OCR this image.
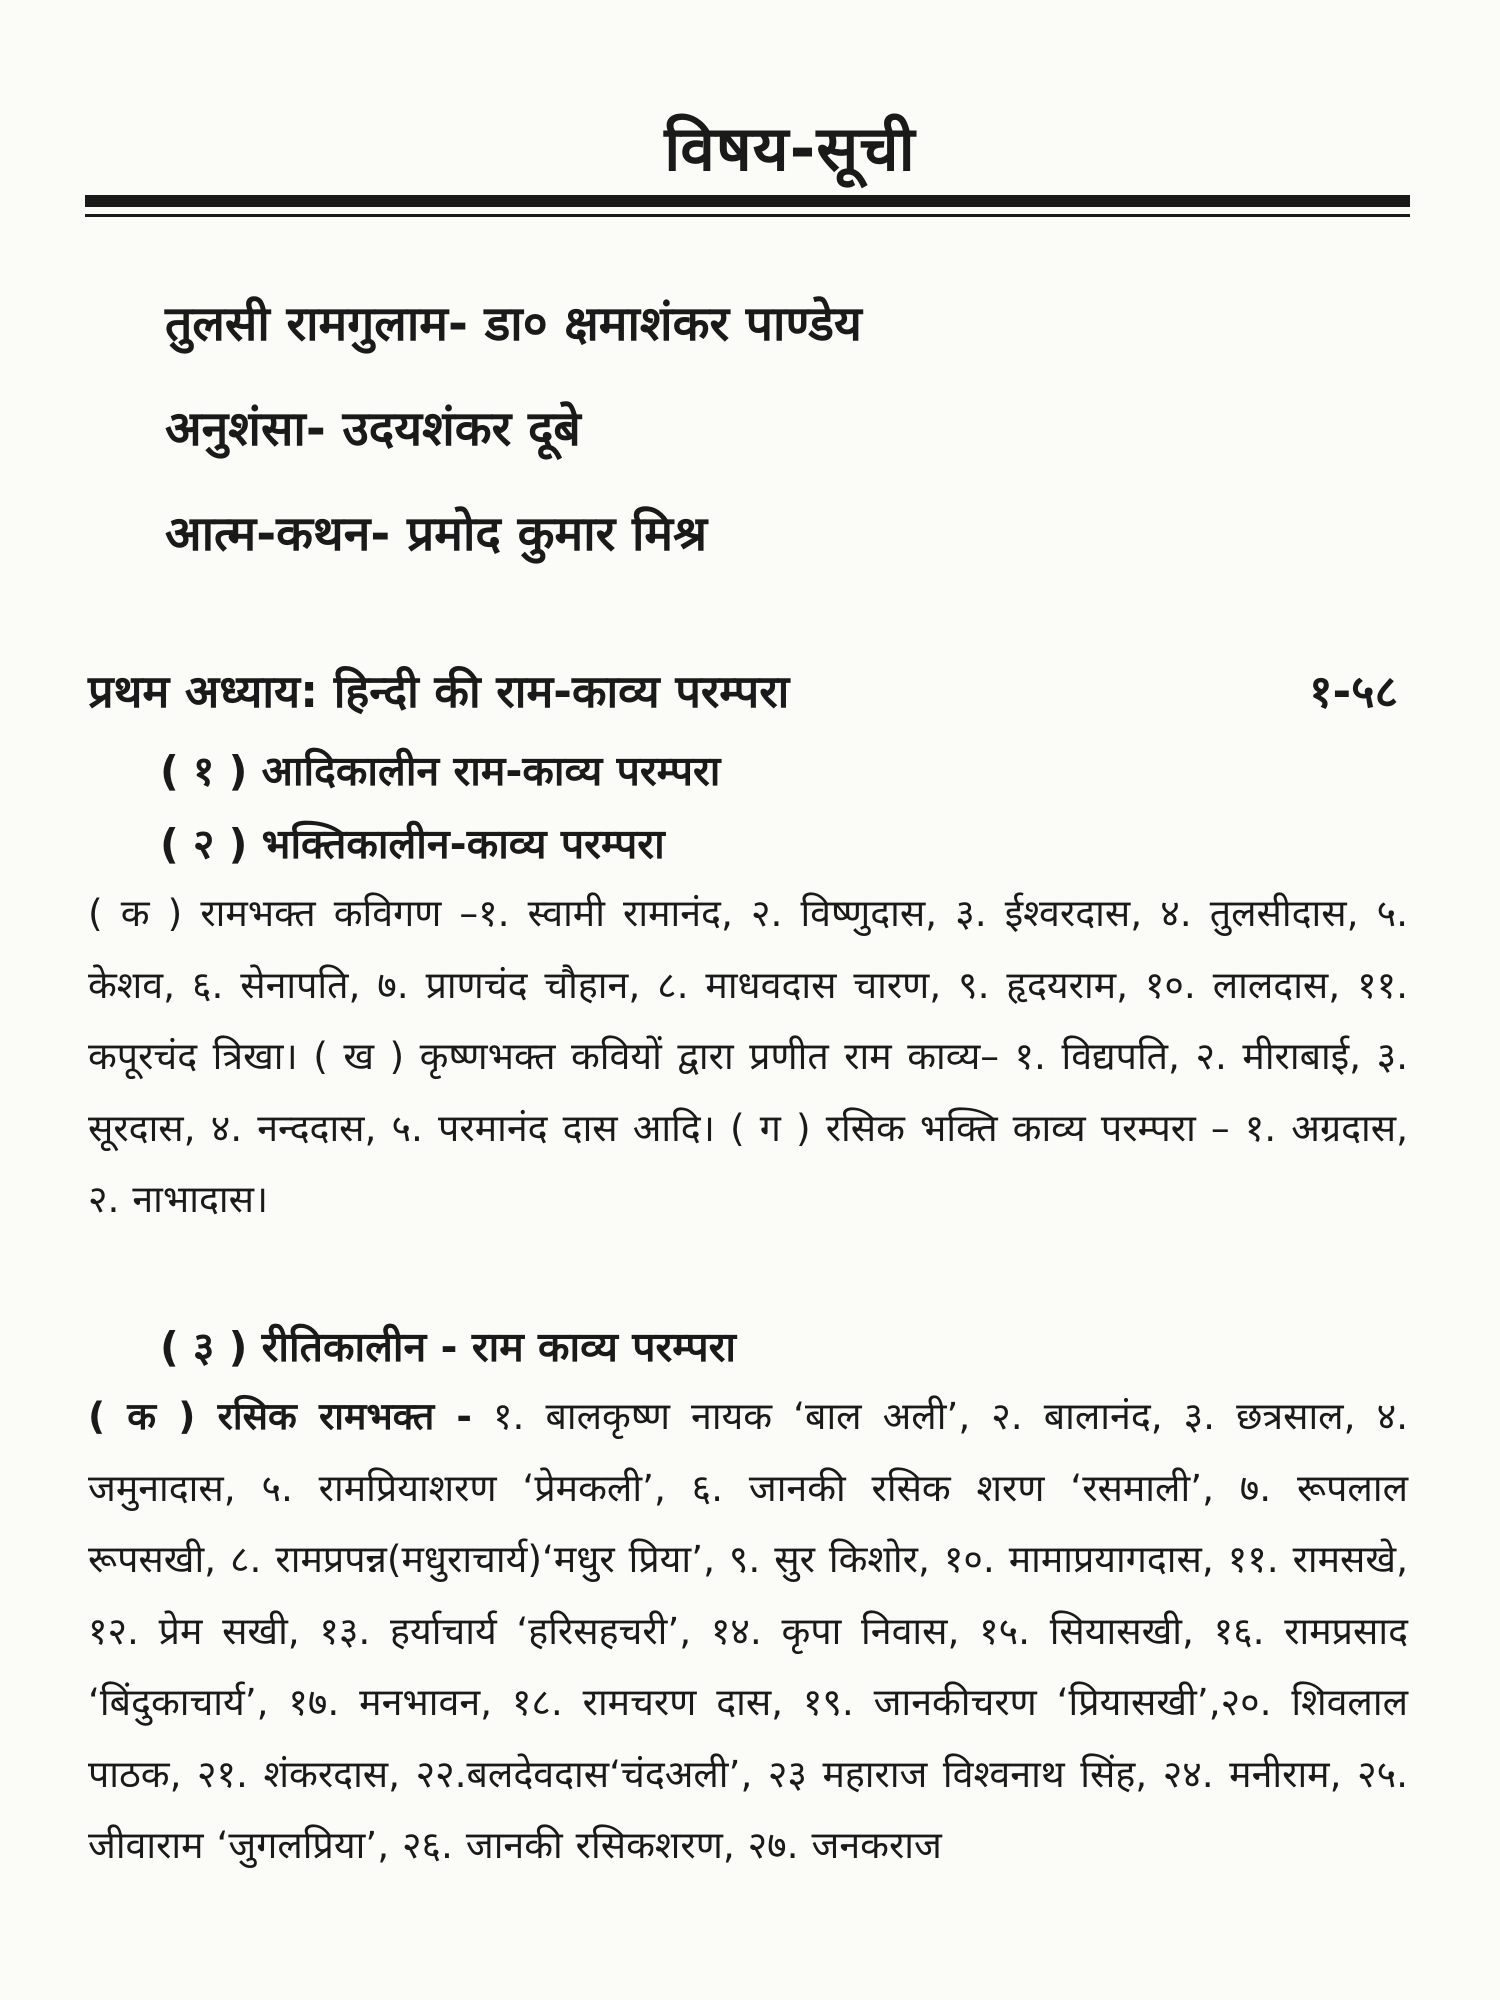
विषय-सूची
तुलसी रामगुलाम- डा० क्षमाशंकर पाण्डेय
अनुशंसा- उदयशंकर दूबे
आत्म-कथन- प्रमोद कुमार मिश्र
प्रथम अध्याय: हिन्दी की राम-काव्य परम्परा	१-५८
( १ ) आदिकालीन राम-काव्य परम्परा
( २ ) भक्तिकालीन-काव्य परम्परा
( क ) रामभक्त कविगण –१. स्वामी रामानंद, २. विष्णुदास, ३. ईश्वरदास, ४. तुलसीदास, ५. केशव, ६. सेनापति, ७. प्राणचंद चौहान, ८. माधवदास चारण, ९. हृदयराम, १०. लालदास, ११. कपूरचंद त्रिखा। ( ख ) कृष्णभक्त कवियों द्वारा प्रणीत राम काव्य– १. विद्यपति, २. मीराबाई, ३. सूरदास, ४. नन्ददास, ५. परमानंद दास आदि। ( ग ) रसिक भक्ति काव्य परम्परा – १. अग्रदास, २. नाभादास।
( ३ ) रीतिकालीन - राम काव्य परम्परा
( क ) रसिक रामभक्त - १. बालकृष्ण नायक ‘बाल अली’, २. बालानंद, ३. छत्रसाल, ४. जमुनादास, ५. रामप्रियाशरण ‘प्रेमकली’, ६. जानकी रसिक शरण ‘रसमाली’, ७. रूपलाल रूपसखी, ८. रामप्रपन्न(मधुराचार्य)‘मधुर प्रिया’, ९. सुर किशोर, १०. मामाप्रयागदास, ११. रामसखे, १२. प्रेम सखी, १३. हर्याचार्य ‘हरिसहचरी’, १४. कृपा निवास, १५. सियासखी, १६. रामप्रसाद ‘बिंदुकाचार्य’, १७. मनभावन, १८. रामचरण दास, १९. जानकीचरण ‘प्रियासखी’,२०. शिवलाल पाठक, २१. शंकरदास, २२.बलदेवदास‘चंदअली’, २३ महाराज विश्वनाथ सिंह, २४. मनीराम, २५. जीवाराम ‘जुगलप्रिया’, २६. जानकी रसिकशरण, २७. जनकराज
